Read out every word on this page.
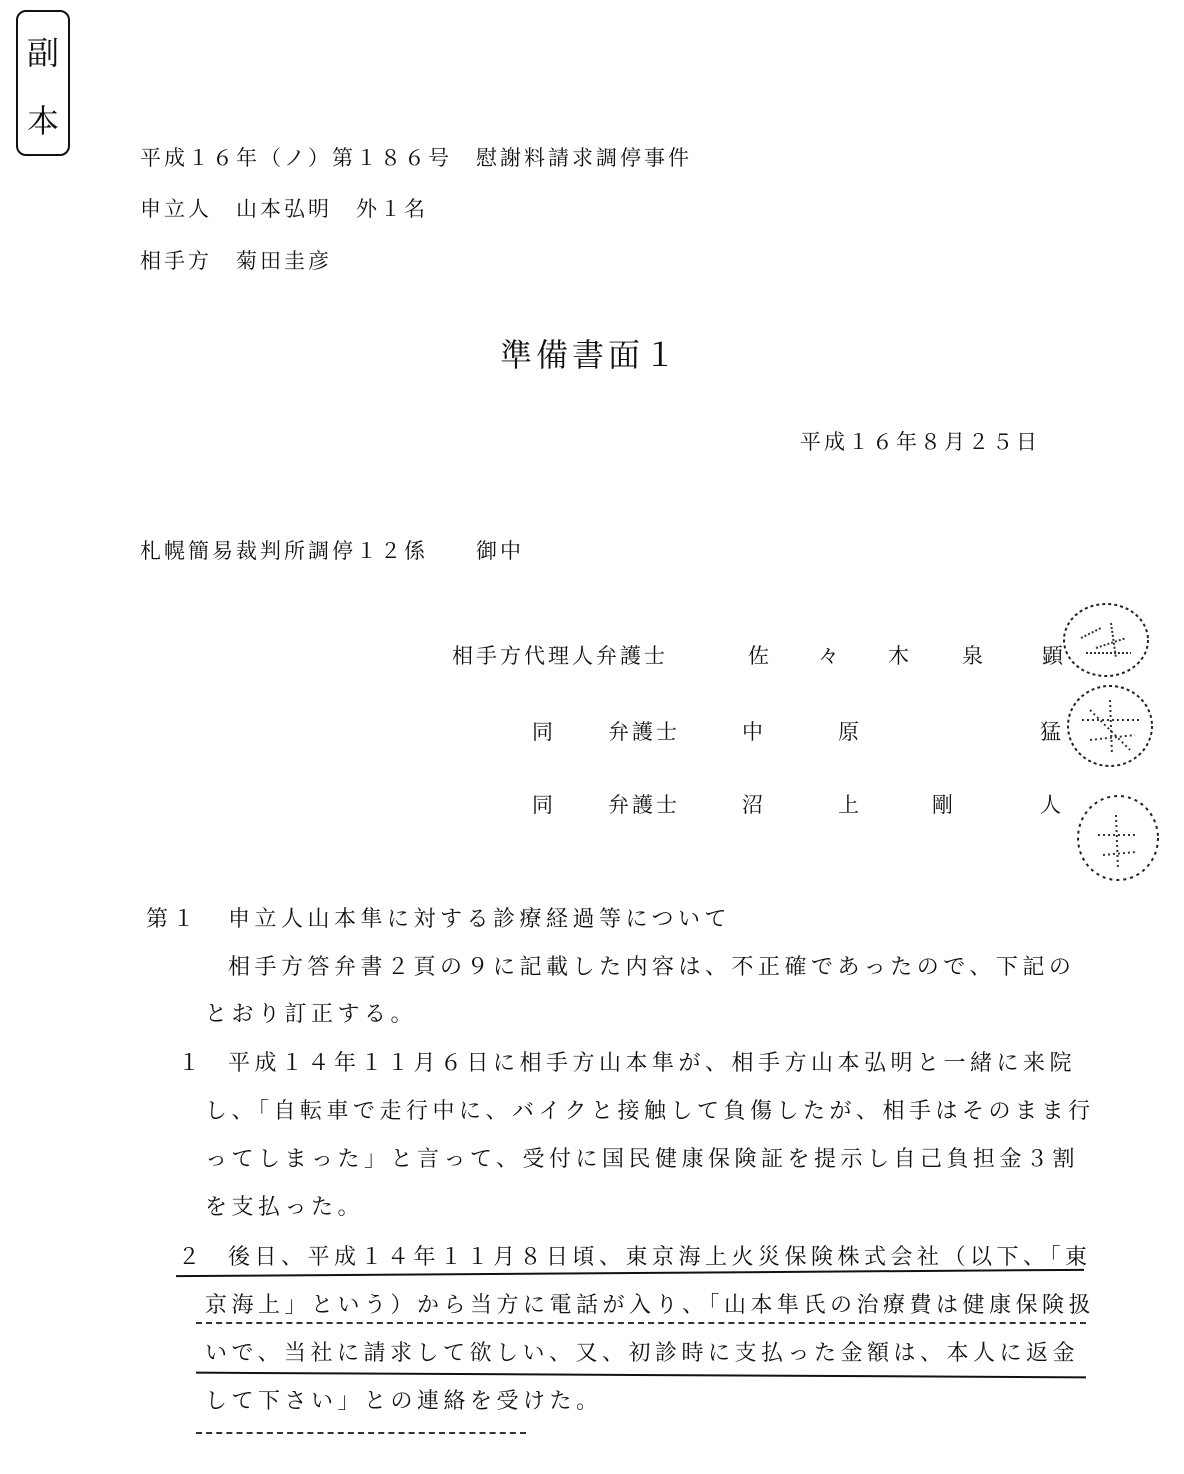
副
本
平成１６年（ノ）第１８６号　慰謝料請求調停事件
申立人　山本弘明　外１名
相手方　菊田圭彦
準備書面１
平成１６年８月２５日
札幌簡易裁判所調停１２係　　御中
相手方代理人弁護士	佐 々 木 泉	顕
同 弁護士	中	原	猛
同 弁護士	沼	上	剛	人
第１ 申立人山本隼に対する診療経過等について
相手方答弁書２頁の９に記載した内容は、不正確であったので、下記の
とおり訂正する。
１ 平成１４年１１月６日に相手方山本隼が、相手方山本弘明と一緒に来院
し、「自転車で走行中に、バイクと接触して負傷したが、相手はそのまま行
ってしまった」と言って、受付に国民健康保険証を提示し自己負担金３割
を支払った。
２ 後日、平成１４年１１月８日頃、東京海上火災保険株式会社（以下、「東
京海上」という）から当方に電話が入り、「山本隼氏の治療費は健康保険扱
いで、当社に請求して欲しい、又、初診時に支払った金額は、本人に返金
して下さい」との連絡を受けた。
